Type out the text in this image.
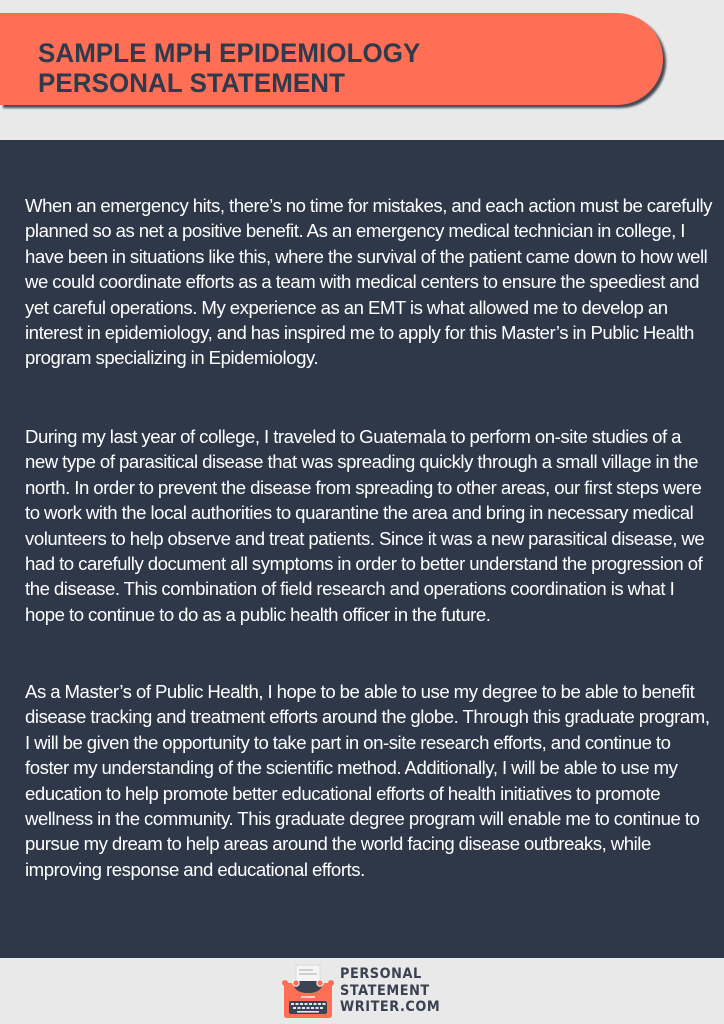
SAMPLE MPH EPIDEMIOLOGY
PERSONAL STATEMENT

When an emergency hits, there’s no time for mistakes, and each action must be carefully planned so as net a positive benefit. As an emergency medical technician in college, I have been in situations like this, where the survival of the patient came down to how well we could coordinate efforts as a team with medical centers to ensure the speediest and yet careful operations. My experience as an EMT is what allowed me to develop an interest in epidemiology, and has inspired me to apply for this Master’s in Public Health program specializing in Epidemiology.

During my last year of college, I traveled to Guatemala to perform on-site studies of a new type of parasitical disease that was spreading quickly through a small village in the north. In order to prevent the disease from spreading to other areas, our first steps were to work with the local authorities to quarantine the area and bring in necessary medical volunteers to help observe and treat patients. Since it was a new parasitical disease, we had to carefully document all symptoms in order to better understand the progression of the disease. This combination of field research and operations coordination is what I hope to continue to do as a public health officer in the future.

As a Master’s of Public Health, I hope to be able to use my degree to be able to benefit disease tracking and treatment efforts around the globe. Through this graduate program, I will be given the opportunity to take part in on-site research efforts, and continue to foster my understanding of the scientific method. Additionally, I will be able to use my education to help promote better educational efforts of health initiatives to promote wellness in the community. This graduate degree program will enable me to continue to pursue my dream to help areas around the world facing disease outbreaks, while improving response and educational efforts.

PERSONAL
STATEMENT
WRITER.COM
